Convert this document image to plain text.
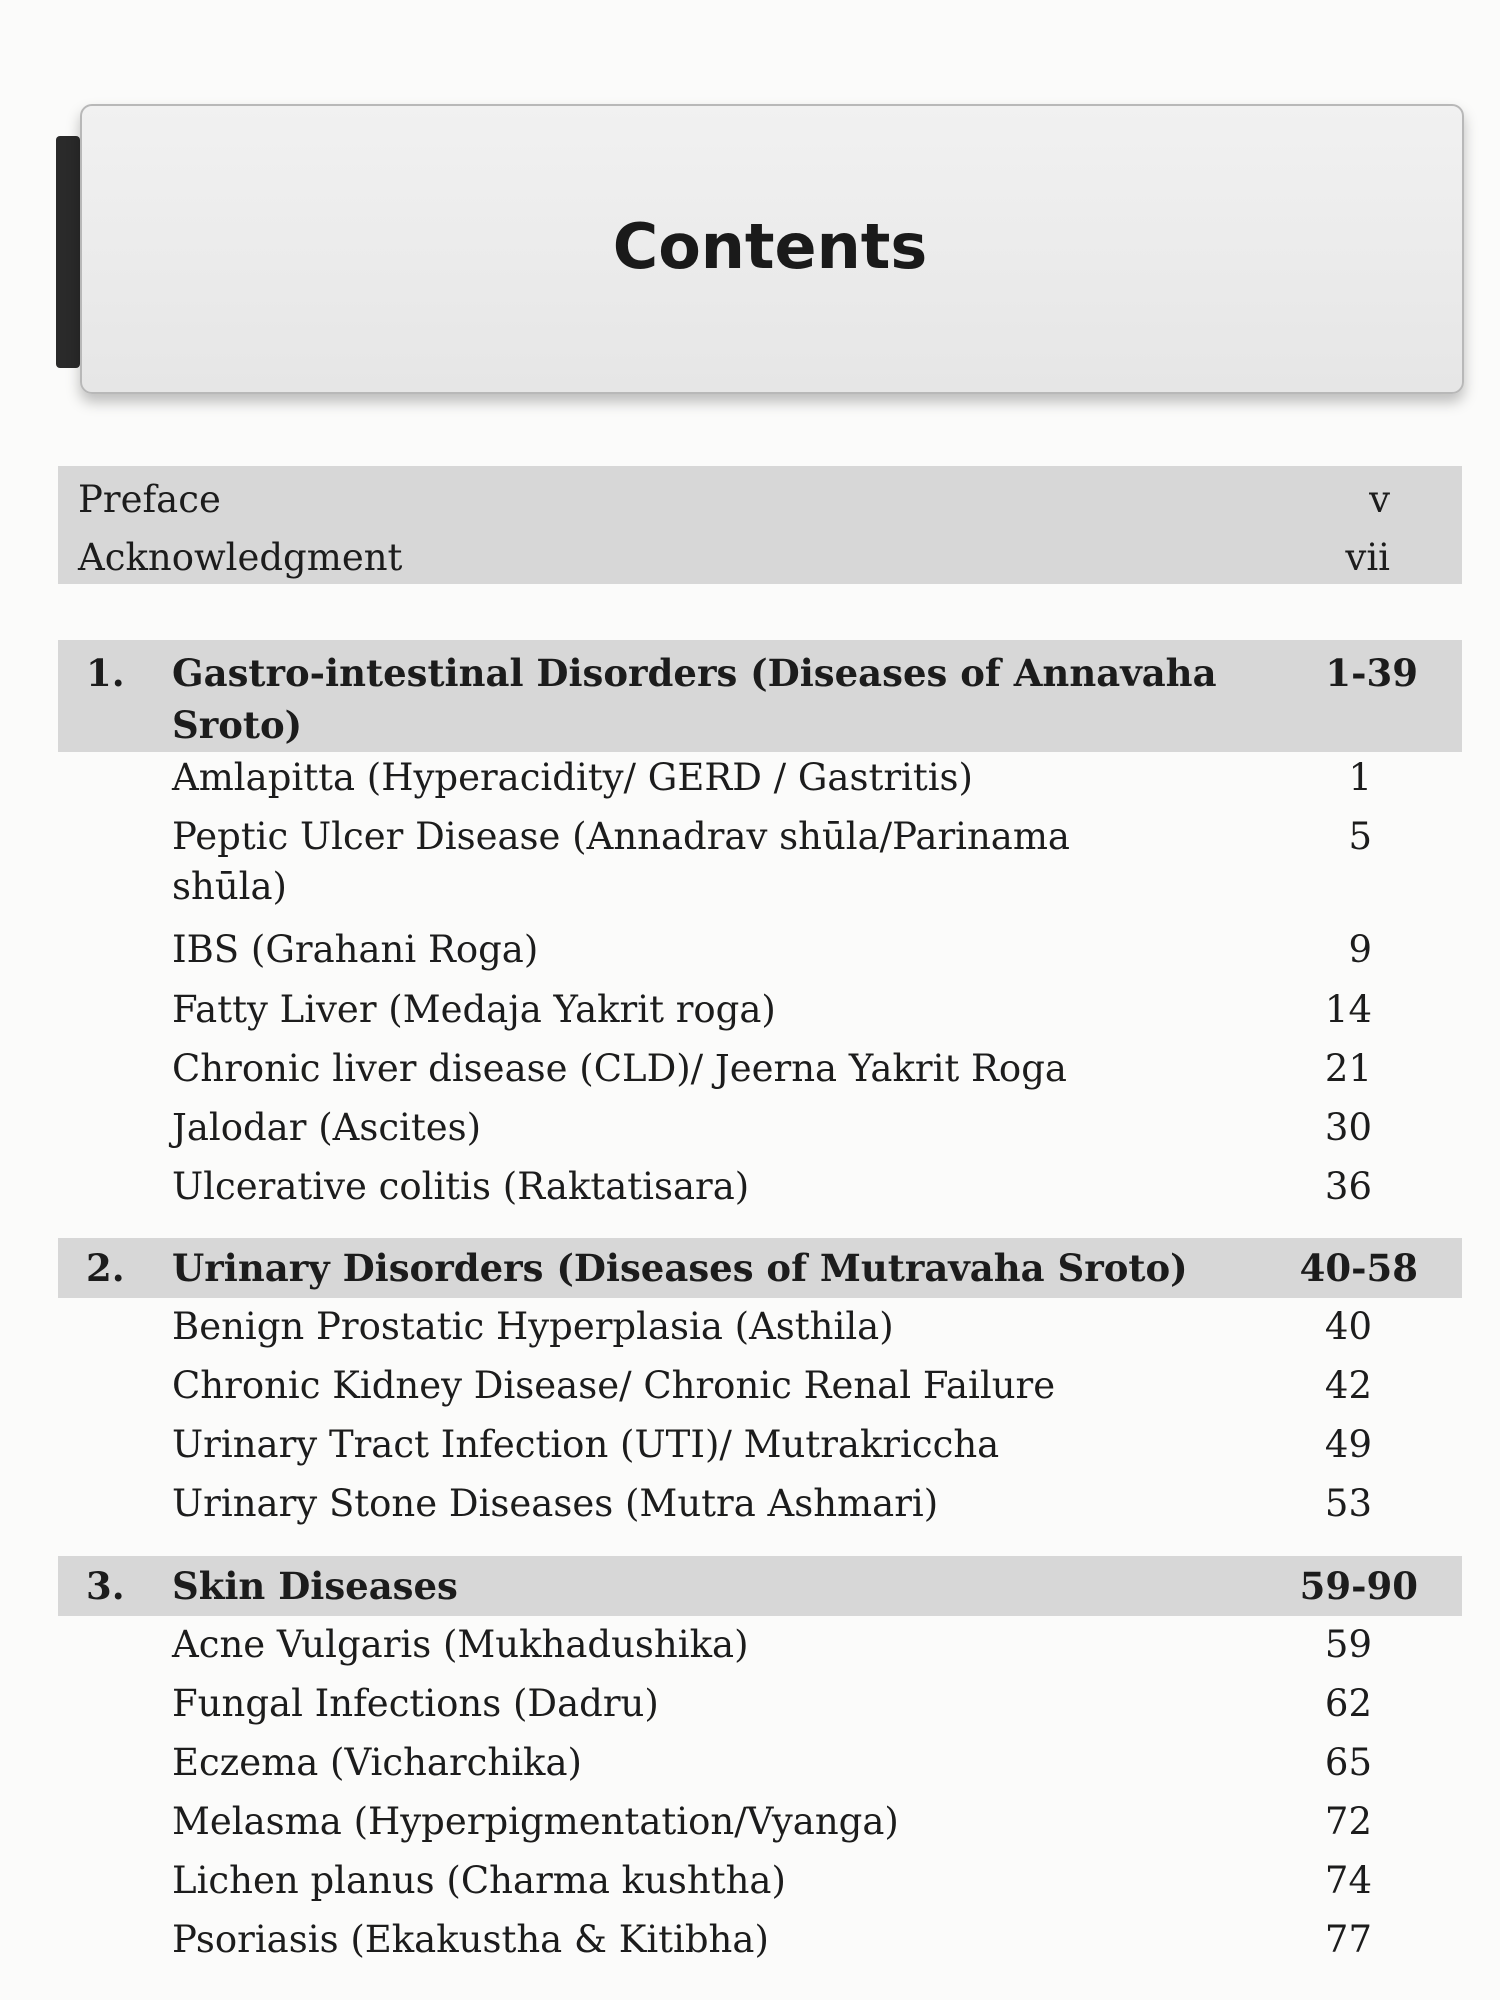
Contents
Preface	v
Acknowledgment	vii
1. Gastro-intestinal Disorders (Diseases of Annavaha	1-39
Sroto)
Amlapitta (Hyperacidity/ GERD / Gastritis)	1
Peptic Ulcer Disease (Annadrav shūla/Parinama	5
shūla)
IBS (Grahani Roga)	9
Fatty Liver (Medaja Yakrit roga)	14
Chronic liver disease (CLD)/ Jeerna Yakrit Roga	21
Jalodar (Ascites)	30
Ulcerative colitis (Raktatisara)	36
2. Urinary Disorders (Diseases of Mutravaha Sroto)	40-58
Benign Prostatic Hyperplasia (Asthila)	40
Chronic Kidney Disease/ Chronic Renal Failure	42
Urinary Tract Infection (UTI)/ Mutrakriccha	49
Urinary Stone Diseases (Mutra Ashmari)	53
3. Skin Diseases	59-90
Acne Vulgaris (Mukhadushika)	59
Fungal Infections (Dadru)	62
Eczema (Vicharchika)	65
Melasma (Hyperpigmentation/Vyanga)	72
Lichen planus (Charma kushtha)	74
Psoriasis (Ekakustha & Kitibha)	77
